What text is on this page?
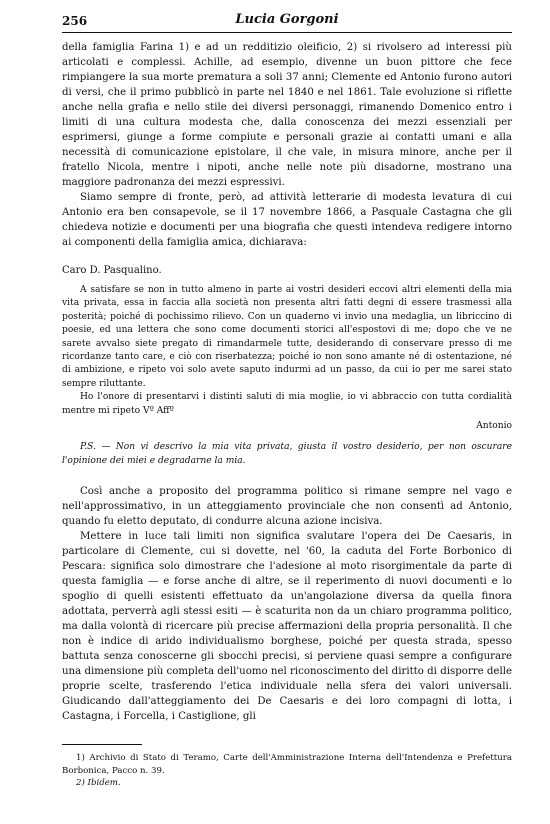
256	Lucia Gorgoni

della famiglia Farina 1) e ad un redditizio oleificio, 2) si rivolsero ad interessi più articolati e complessi. Achille, ad esempio, divenne un buon pittore che fece rimpiangere la sua morte prematura a soli 37 anni; Clemente ed Antonio furono autori di versi, che il primo pubblicò in parte nel 1840 e nel 1861. Tale evoluzione si riflette anche nella grafia e nello stile dei diversi personaggi, rimanendo Domenico entro i limiti di una cultura modesta che, dalla conoscenza dei mezzi essenziali per esprimersi, giunge a forme compiute e personali grazie ai contatti umani e alla necessità di comunicazione epistolare, il che vale, in misura minore, anche per il fratello Nicola, mentre i nipoti, anche nelle note più disadorne, mostrano una maggiore padronanza dei mezzi espressivi.

Siamo sempre di fronte, però, ad attività letterarie di modesta levatura di cui Antonio era ben consapevole, se il 17 novembre 1866, a Pasquale Castagna che gli chiedeva notizie e documenti per una biografia che questi intendeva redigere intorno ai componenti della famiglia amica, dichiarava:

Caro D. Pasqualino.

A satisfare se non in tutto almeno in parte ai vostri desideri eccovi altri elementi della mia vita privata, essa in faccia alla società non presenta altri fatti degni di essere trasmessi alla posterità; poiché di pochissimo rilievo. Con un quaderno vi invio una medaglia, un libriccino di poesie, ed una lettera che sono come documenti storici all'espostovi di me; dopo che ve ne sarete avvalso siete pregato di rimandarmele tutte, desiderando di conservare presso di me ricordanze tanto care, e ciò con riserbatezza; poiché io non sono amante né di ostentazione, né di ambizione, e ripeto voi solo avete saputo indurmi ad un passo, da cui io per me sarei stato sempre riluttante.

Ho l'onore di presentarvi i distinti saluti di mia moglie, io vi abbraccio con tutta cordialità mentre mi ripeto Vº Affº

Antonio

P.S. — Non vi descrivo la mia vita privata, giusta il vostro desiderio, per non oscurare l'opinione dei miei e degradarne la mia.

Così anche a proposito del programma politico si rimane sempre nel vago e nell'approssimativo, in un atteggiamento provinciale che non consentì ad Antonio, quando fu eletto deputato, di condurre alcuna azione incisiva.

Mettere in luce tali limiti non significa svalutare l'opera dei De Caesaris, in particolare di Clemente, cui si dovette, nel '60, la caduta del Forte Borbonico di Pescara: significa solo dimostrare che l'adesione al moto risorgimentale da parte di questa famiglia — e forse anche di altre, se il reperimento di nuovi documenti e lo spoglio di quelli esistenti effettuato da un'angolazione diversa da quella finora adottata, perverrà agli stessi esiti — è scaturita non da un chiaro programma politico, ma dalla volontà di ricercare più precise affermazioni della propria personalità. Il che non è indice di arido individualismo borghese, poiché per questa strada, spesso battuta senza conoscerne gli sbocchi precisi, si perviene quasi sempre a configurare una dimensione più completa dell'uomo nel riconoscimento del diritto di disporre delle proprie scelte, trasferendo l'etica individuale nella sfera dei valori universali. Giudicando dall'atteggiamento dei De Caesaris e dei loro compagni di lotta, i Castagna, i Forcella, i Castiglione, gli

1) Archivio di Stato di Teramo, Carte dell'Amministrazione Interna dell'Intendenza e Prefettura Borbonica, Pacco n. 39.

2) Ibidem.
